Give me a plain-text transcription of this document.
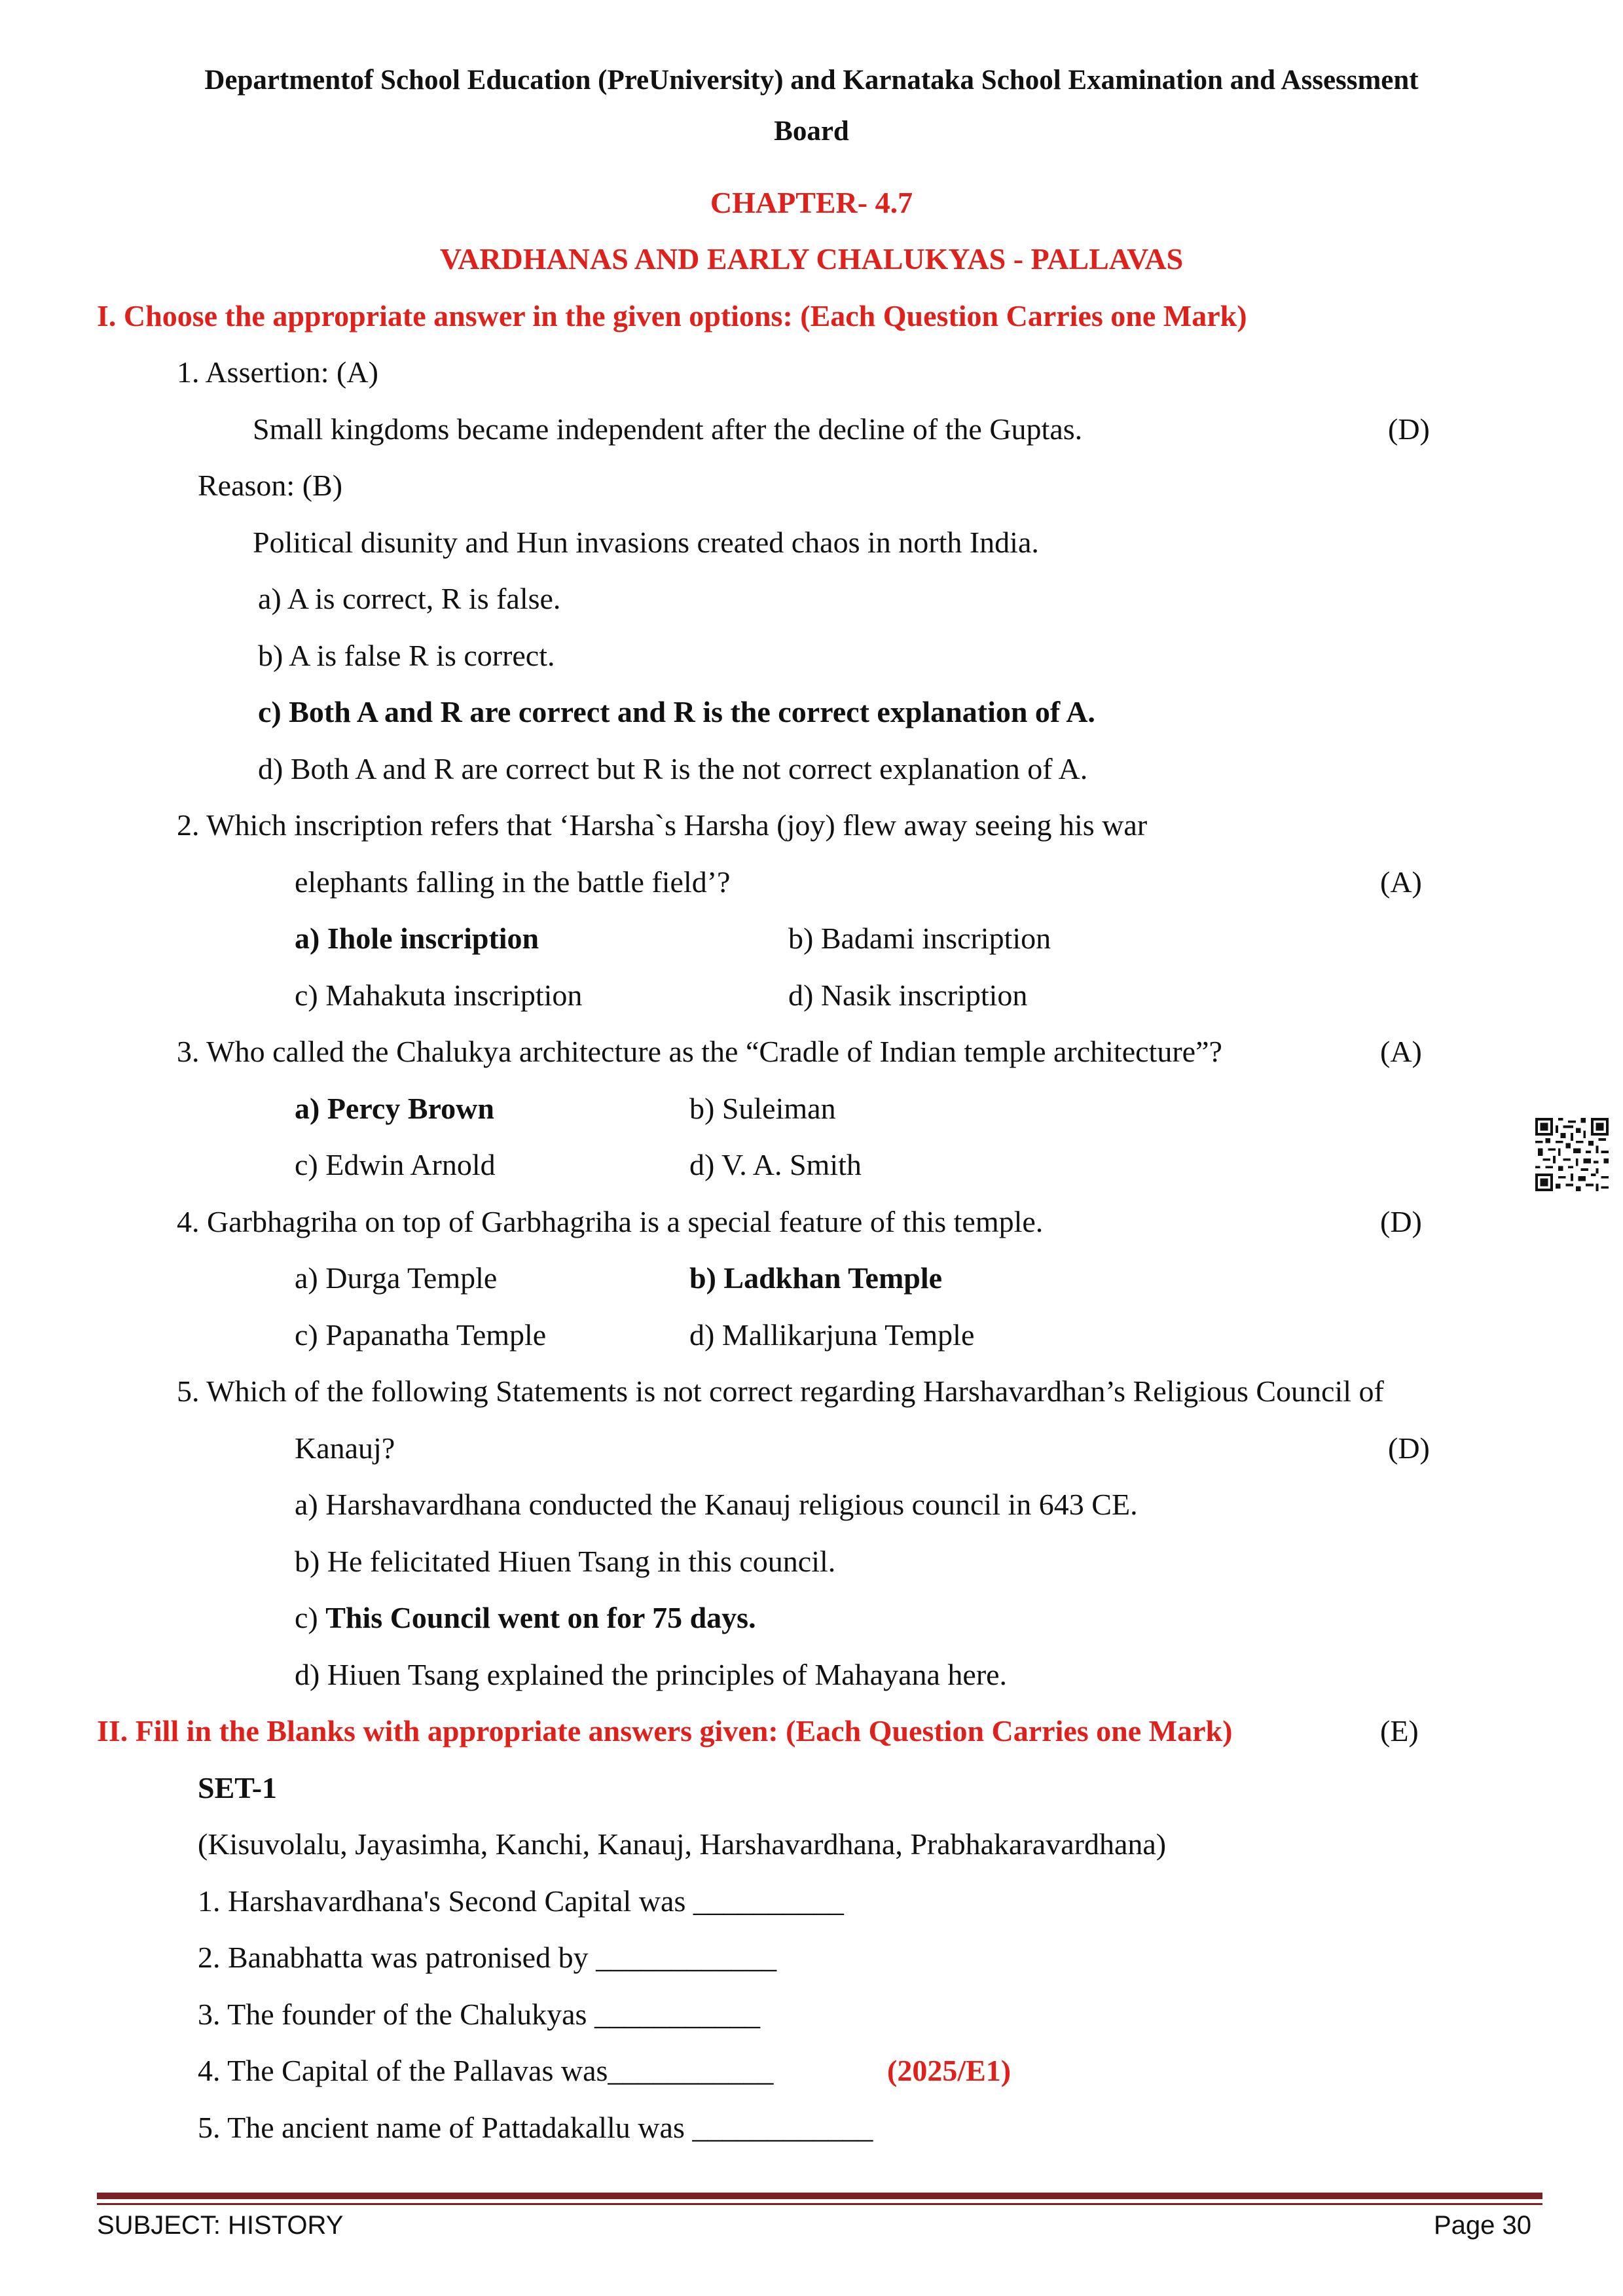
Departmentof School Education (PreUniversity) and Karnataka School Examination and Assessment
Board
CHAPTER- 4.7
VARDHANAS AND EARLY CHALUKYAS - PALLAVAS
I. Choose the appropriate answer in the given options: (Each Question Carries one Mark)
1. Assertion: (A)
Small kingdoms became independent after the decline of the Guptas.	(D)
Reason: (B)
Political disunity and Hun invasions created chaos in north India.
a) A is correct, R is false.
b) A is false R is correct.
c) Both A and R are correct and R is the correct explanation of A.
d) Both A and R are correct but R is the not correct explanation of A.
2. Which inscription refers that ‘Harsha`s Harsha (joy) flew away seeing his war
elephants falling in the battle field’?	(A)
a) Ihole inscription	b) Badami inscription
c) Mahakuta inscription	d) Nasik inscription
3. Who called the Chalukya architecture as the “Cradle of Indian temple architecture”?	(A)
a) Percy Brown	b) Suleiman
c) Edwin Arnold	d) V. A. Smith
4. Garbhagriha on top of Garbhagriha is a special feature of this temple.	(D)
a) Durga Temple	b) Ladkhan Temple
c) Papanatha Temple	d) Mallikarjuna Temple
5. Which of the following Statements is not correct regarding Harshavardhan’s Religious Council of
Kanauj?	(D)
a) Harshavardhana conducted the Kanauj religious council in 643 CE.
b) He felicitated Hiuen Tsang in this council.
c) This Council went on for 75 days.
d) Hiuen Tsang explained the principles of Mahayana here.
II. Fill in the Blanks with appropriate answers given: (Each Question Carries one Mark)	(E)
SET-1
(Kisuvolalu, Jayasimha, Kanchi, Kanauj, Harshavardhana, Prabhakaravardhana)
1. Harshavardhana's Second Capital was __________
2. Banabhatta was patronised by ____________
3. The founder of the Chalukyas ___________
4. The Capital of the Pallavas was___________	(2025/E1)
5. The ancient name of Pattadakallu was ____________
SUBJECT: HISTORY	Page 30
